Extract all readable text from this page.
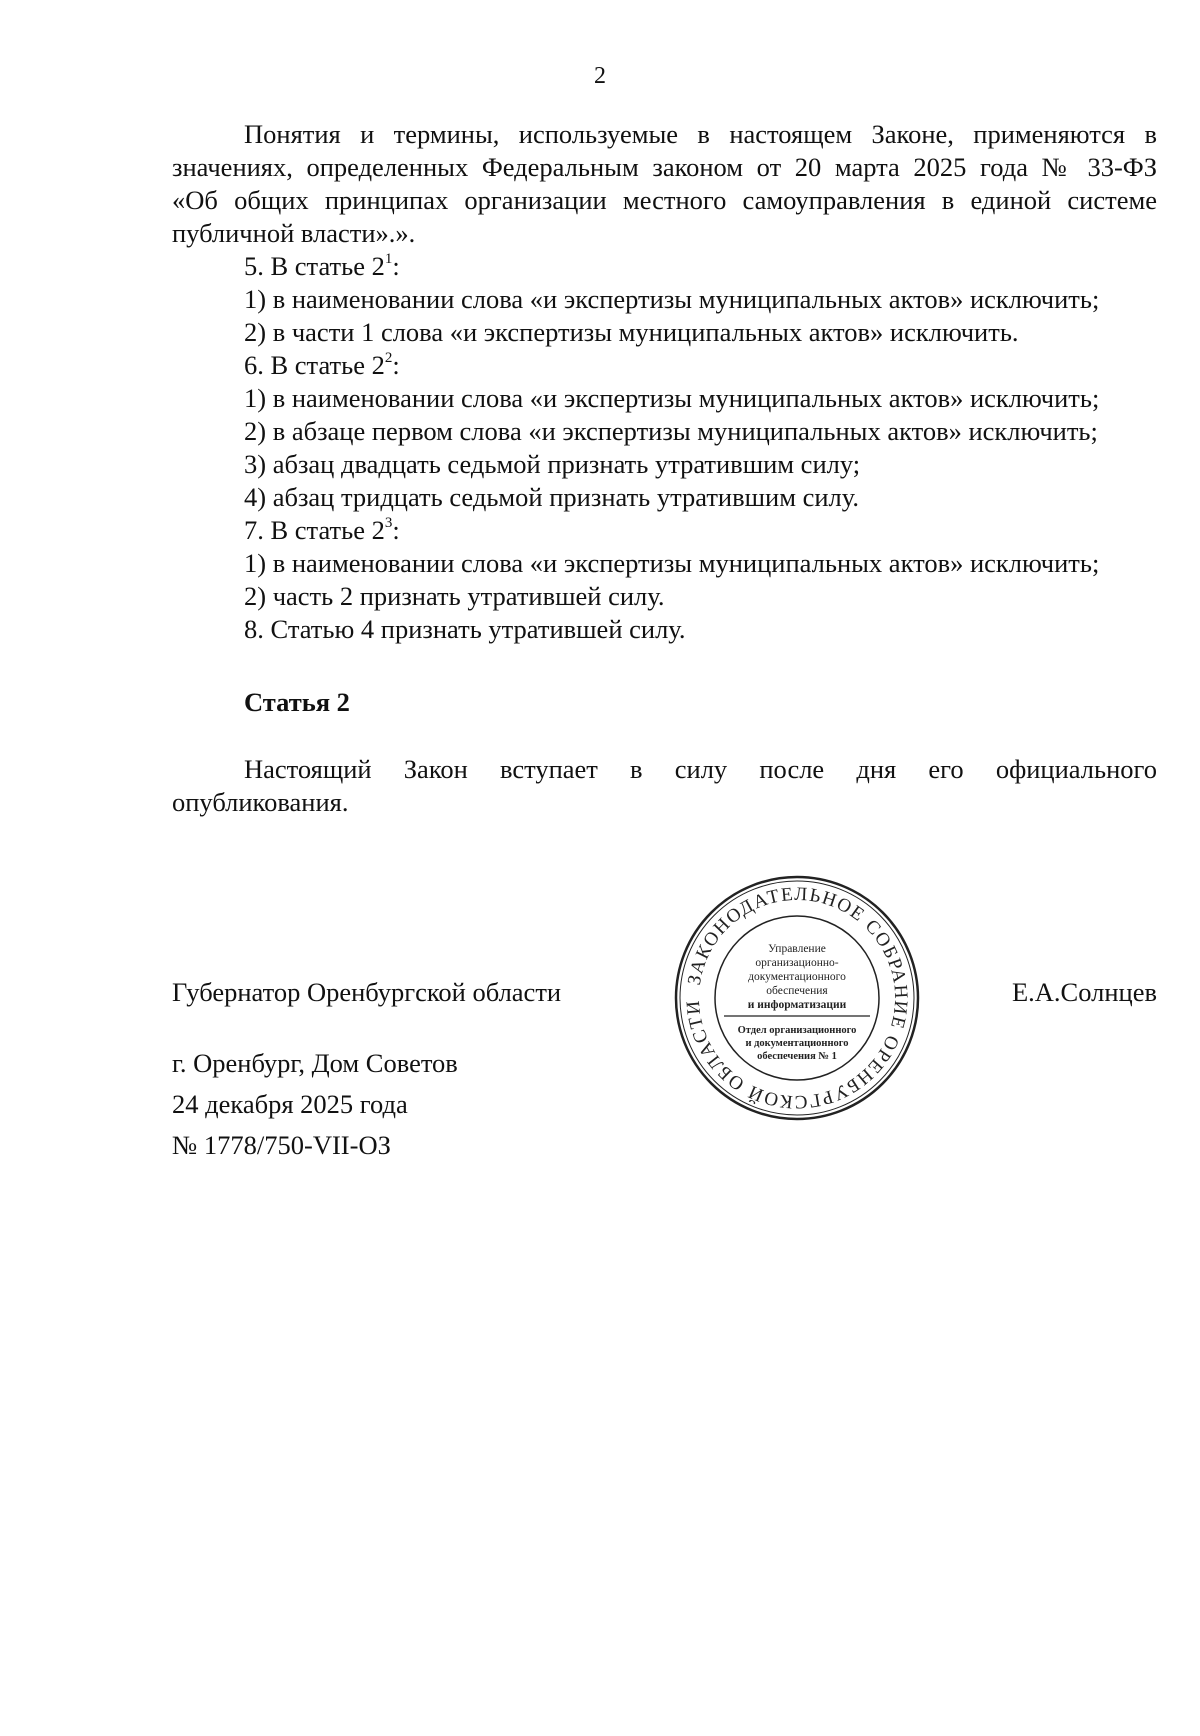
2

Понятия и термины, используемые в настоящем Законе, применяются в

значениях, определенных Федеральным законом от 20 марта 2025 года № 33-ФЗ

«Об общих принципах организации местного самоуправления в единой системе

публичной власти».».

5. В статье $2^1$:

1) в наименовании слова «и экспертизы муниципальных актов» исключить;

2) в части 1 слова «и экспертизы муниципальных актов» исключить.

6. В статье $2^2$:

1) в наименовании слова «и экспертизы муниципальных актов» исключить;

2) в абзаце первом слова «и экспертизы муниципальных актов» исключить;

3) абзац двадцать седьмой признать утратившим силу;

4) абзац тридцать седьмой признать утратившим силу.

7. В статье $2^3$:

1) в наименовании слова «и экспертизы муниципальных актов» исключить;

2) часть 2 признать утратившей силу.

8. Статью 4 признать утратившей силу.

Статья 2

Настоящий Закон вступает в силу после дня его официального

опубликования.

Губернатор Оренбургской области	Е.А.Солнцев
г. Оренбург, Дом Советов
24 декабря 2025 года
№ 1778/750-VII-ОЗ
ЗАКОНОДАТЕЛЬНОЕ СОБРАНИЕ ОРЕНБУРГСКОЙ ОБЛАСТИ
Управление
организационно-
документационного
обеспечения
и информатизации
Отдел организационного
и документационного
обеспечения № 1
